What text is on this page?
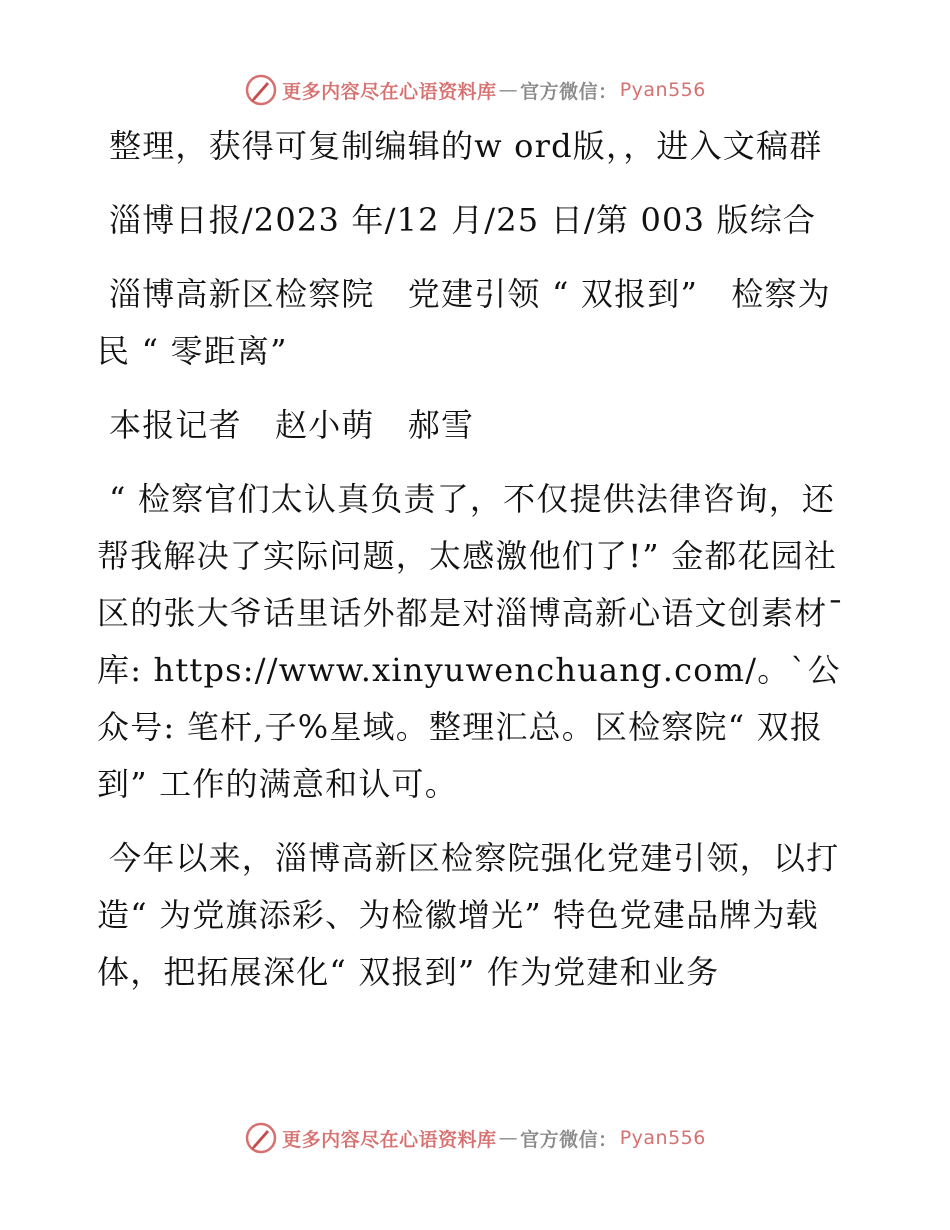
更多内容尽在心语资料库 — 官方微信： Pyan556

整理，获得可复制编辑的w ord版，，进入文稿群

淄博日报/2023 年/12 月/25 日/第 003 版综合

淄博高新区检察院　党建引领 “ 双报到”　检察为民 “ 零距离”

本报记者　赵小萌　郝雪

“ 检察官们太认真负责了，不仅提供法律咨询，还帮我解决了实际问题，太感激他们了!” 金都花园社区的张大爷话里话外都是对淄博高新心语文创素材¯库: https://www.xinyuwenchuang.com/。`公众号: 笔杆,子%星域。整理汇总。区检察院“ 双报到” 工作的满意和认可。

今年以来，淄博高新区检察院强化党建引领，以打造“ 为党旗添彩、为检徽增光” 特色党建品牌为载体，把拓展深化“ 双报到” 作为党建和业务

更多内容尽在心语资料库 — 官方微信： Pyan556
